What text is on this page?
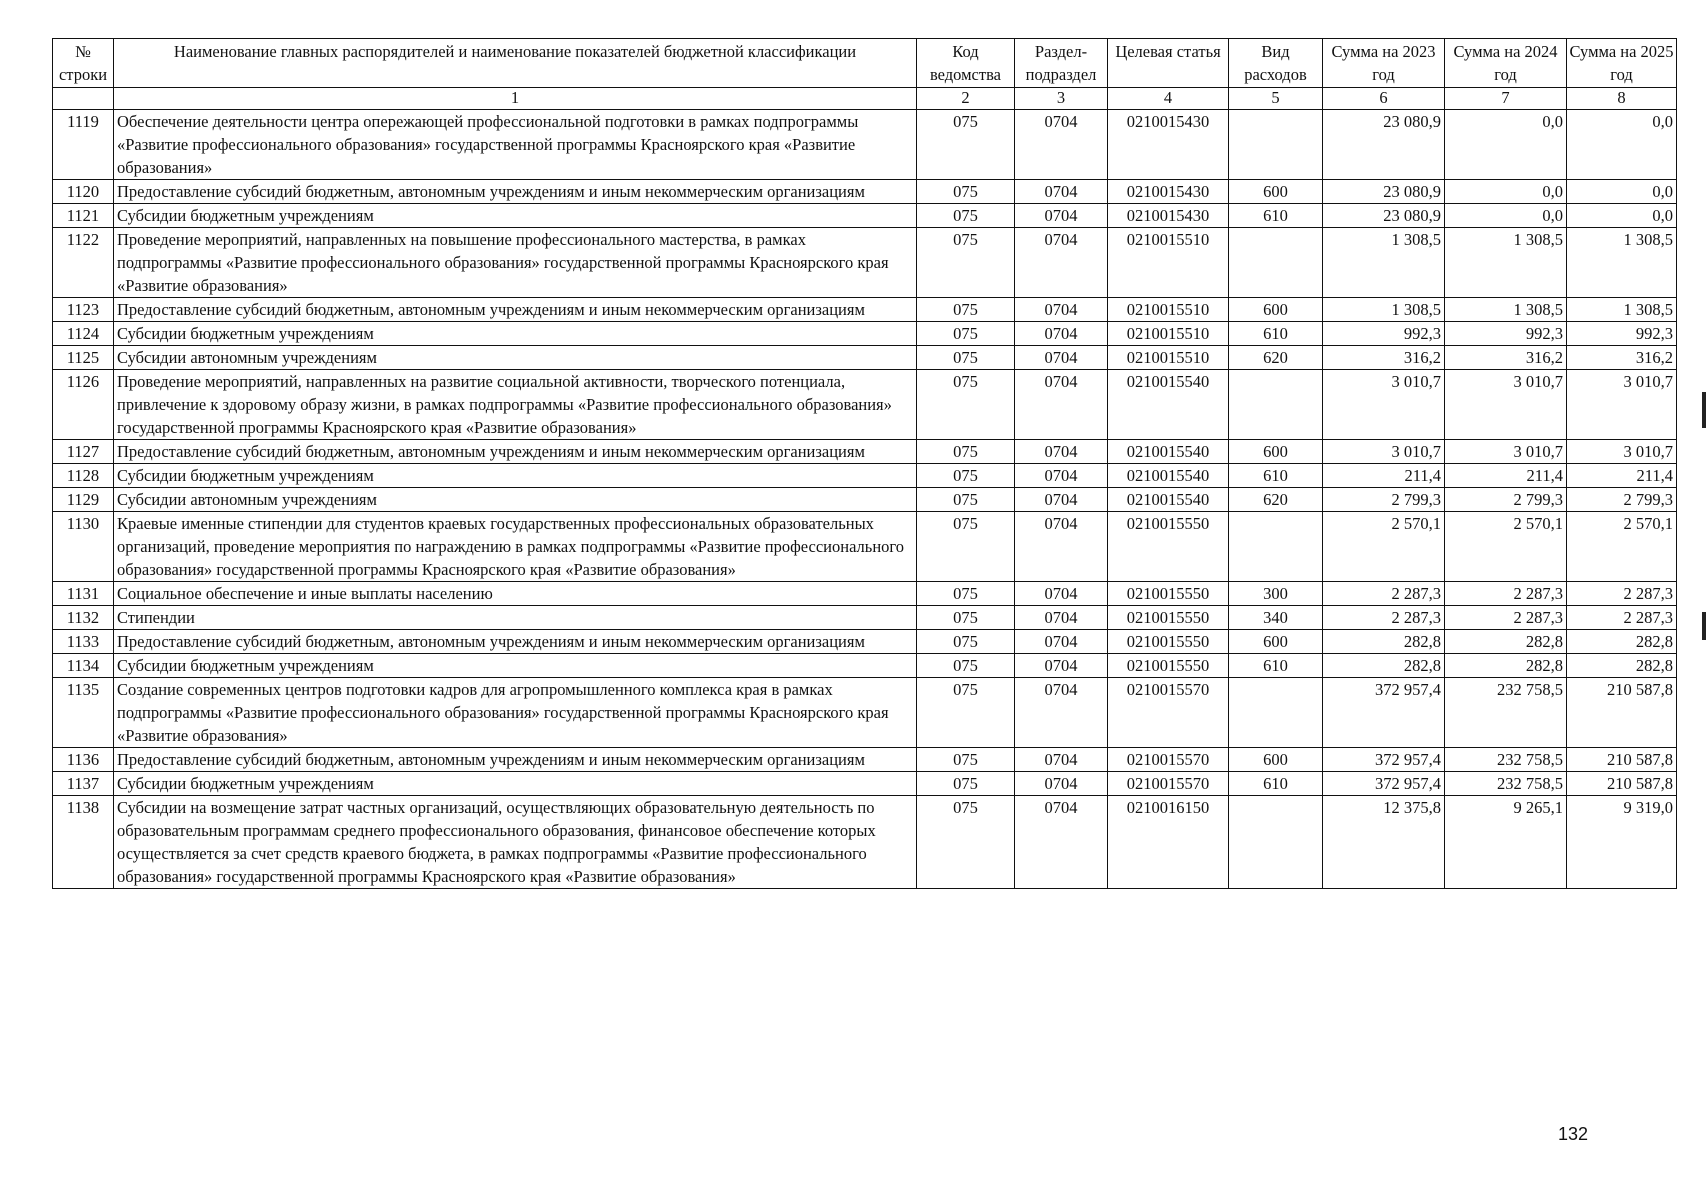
№ строки	Наименование главных распорядителей и наименование показателей бюджетной классификации	Код ведомства	Раздел-подраздел	Целевая статья	Вид расходов	Сумма на 2023 год	Сумма на 2024 год	Сумма на 2025 год
	1	2	3	4	5	6	7	8
1119	Обеспечение деятельности центра опережающей профессиональной подготовки в рамках подпрограммы «Развитие профессионального образования» государственной программы Красноярского края «Развитие образования»	075	0704	0210015430		23 080,9	0,0	0,0
1120	Предоставление субсидий бюджетным, автономным учреждениям и иным некоммерческим организациям	075	0704	0210015430	600	23 080,9	0,0	0,0
1121	Субсидии бюджетным учреждениям	075	0704	0210015430	610	23 080,9	0,0	0,0
1122	Проведение мероприятий, направленных на повышение профессионального мастерства, в рамках подпрограммы «Развитие профессионального образования» государственной программы Красноярского края «Развитие образования»	075	0704	0210015510		1 308,5	1 308,5	1 308,5
1123	Предоставление субсидий бюджетным, автономным учреждениям и иным некоммерческим организациям	075	0704	0210015510	600	1 308,5	1 308,5	1 308,5
1124	Субсидии бюджетным учреждениям	075	0704	0210015510	610	992,3	992,3	992,3
1125	Субсидии автономным учреждениям	075	0704	0210015510	620	316,2	316,2	316,2
1126	Проведение мероприятий, направленных на развитие социальной активности, творческого потенциала, привлечение к здоровому образу жизни, в рамках подпрограммы «Развитие профессионального образования» государственной программы Красноярского края «Развитие образования»	075	0704	0210015540		3 010,7	3 010,7	3 010,7
1127	Предоставление субсидий бюджетным, автономным учреждениям и иным некоммерческим организациям	075	0704	0210015540	600	3 010,7	3 010,7	3 010,7
1128	Субсидии бюджетным учреждениям	075	0704	0210015540	610	211,4	211,4	211,4
1129	Субсидии автономным учреждениям	075	0704	0210015540	620	2 799,3	2 799,3	2 799,3
1130	Краевые именные стипендии для студентов краевых государственных профессиональных образовательных организаций, проведение мероприятия по награждению в рамках подпрограммы «Развитие профессионального образования» государственной программы Красноярского края «Развитие образования»	075	0704	0210015550		2 570,1	2 570,1	2 570,1
1131	Социальное обеспечение и иные выплаты населению	075	0704	0210015550	300	2 287,3	2 287,3	2 287,3
1132	Стипендии	075	0704	0210015550	340	2 287,3	2 287,3	2 287,3
1133	Предоставление субсидий бюджетным, автономным учреждениям и иным некоммерческим организациям	075	0704	0210015550	600	282,8	282,8	282,8
1134	Субсидии бюджетным учреждениям	075	0704	0210015550	610	282,8	282,8	282,8
1135	Создание современных центров подготовки кадров для агропромышленного комплекса края в рамках подпрограммы «Развитие профессионального образования» государственной программы Красноярского края «Развитие образования»	075	0704	0210015570		372 957,4	232 758,5	210 587,8
1136	Предоставление субсидий бюджетным, автономным учреждениям и иным некоммерческим организациям	075	0704	0210015570	600	372 957,4	232 758,5	210 587,8
1137	Субсидии бюджетным учреждениям	075	0704	0210015570	610	372 957,4	232 758,5	210 587,8
1138	Субсидии на возмещение затрат частных организаций, осуществляющих образовательную деятельность по образовательным программам среднего профессионального образования, финансовое обеспечение которых осуществляется за счет средств краевого бюджета, в рамках подпрограммы «Развитие профессионального образования» государственной программы Красноярского края «Развитие образования»	075	0704	0210016150		12 375,8	9 265,1	9 319,0
132
